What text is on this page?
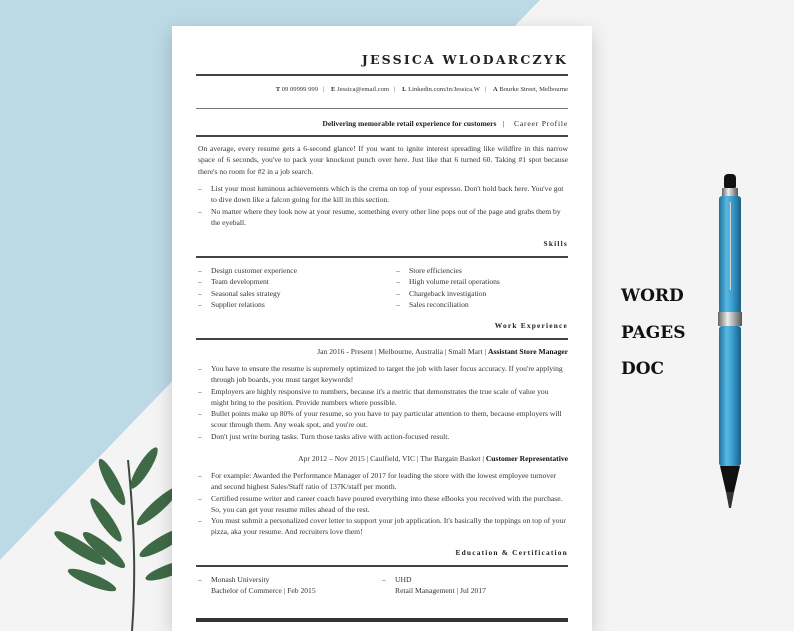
JESSICA WLODARCZYK
T 09 09999 999 | E Jessica@email.com | L Linkedin.com/in/Jessica.W | A Bourke Street, Melbourne
Delivering memorable retail experience for customers | Career Profile
On average, every resume gets a 6-second glance! If you want to ignite interest spreading like wildfire in this narrow space of 6 seconds, you've to pack your knockout punch over here. Just like that 6 turned 60. Taking #1 spot because there's no room for #2 in a job search.
– List your most luminous achievements which is the crema on top of your espresso. Don't hold back here. You've got to dive down like a falcon going for the kill in this section.
– No matter where they look now at your resume, something every other line pops out of the page and grabs them by the eyeball.
Skills
– Design customer experience
– Team development
– Seasonal sales strategy
– Supplier relations
– Store efficiencies
– High volume retail operations
– Chargeback investigation
– Sales reconciliation
Work Experience
Jan 2016 - Present | Melbourne, Australia | Small Mart | Assistant Store Manager
– You have to ensure the resume is supremely optimized to target the job with laser focus accuracy. If you're applying through job boards, you must target keywords!
– Employers are highly responsive to numbers, because it's a metric that demonstrates the true scale of value you might bring to the position. Provide numbers where possible.
– Bullet points make up 80% of your resume, so you have to pay particular attention to them, because employers will scour through them. Any weak spot, and you're out.
– Don't just write boring tasks. Turn those tasks alive with action-focused result.
Apr 2012 – Nov 2015 | Caulfield, VIC | The Bargain Basket | Customer Representative
– For example: Awarded the Performance Manager of 2017 for leading the store with the lowest employee turnover and second highest Sales/Staff ratio of 137K/staff per month.
– Certified resume writer and career coach have poured everything into these eBooks you received with the purchase. So, you can get your resume miles ahead of the rest.
– You must submit a personalized cover letter to support your job application. It's basically the toppings on top of your pizza, aka your resume. And recruiters love them!
Education & Certification
– Monash University
Bachelor of Commerce | Feb 2015
– UHD
Retail Management | Jul 2017
WORD
PAGES
DOC
